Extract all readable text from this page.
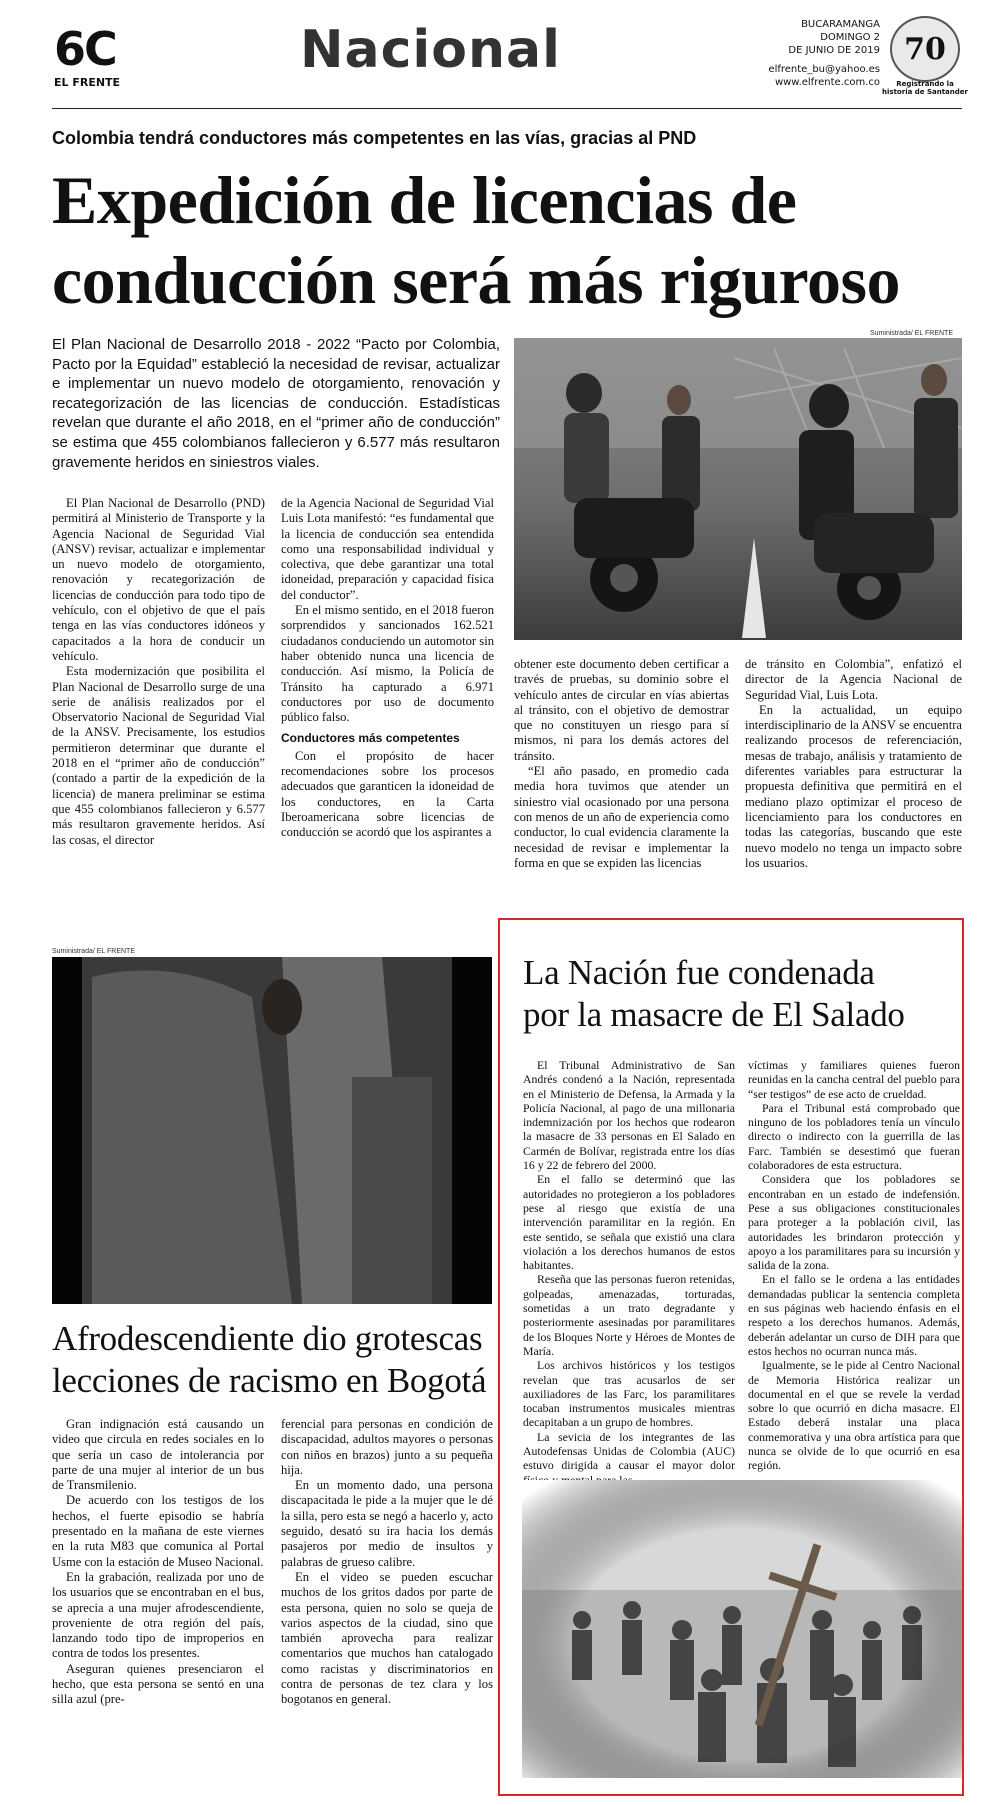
6C
EL FRENTE
Nacional	BUCARAMANGA
DOMINGO 2
DE JUNIO DE 2019
elfrente_bu@yahoo.es
www.elfrente.com.co
70
Registrando la historia de Santander
Colombia tendrá conductores más competentes en las vías, gracias al PND
Expedición de licencias de
conducción será más riguroso
El Plan Nacional de Desarrollo 2018 - 2022 “Pacto por Colombia, Pacto por la Equidad” estableció la necesidad de revisar, actualizar e implementar un nuevo modelo de otorgamiento, renovación y recategorización de las licencias de conducción. Estadísticas revelan que durante el año 2018, en el “primer año de conducción” se estima que 455 colombianos fallecieron y 6.577 más resultaron gravemente heridos en siniestros viales.
Suministrada/ EL FRENTE

El Plan Nacional de Desarrollo (PND) permitirá al Ministerio de Transporte y la Agencia Nacional de Seguridad Vial (ANSV) revisar, actualizar e implementar un nuevo modelo de otorgamiento, renovación y recategorización de licencias de conducción para todo tipo de vehículo, con el objetivo de que el país tenga en las vías conductores idóneos y capacitados a la hora de conducir un vehículo.

Esta modernización que posibilita el Plan Nacional de Desarrollo surge de una serie de análisis realizados por el Observatorio Nacional de Seguridad Vial de la ANSV. Precisamente, los estudios permitieron determinar que durante el 2018 en el “primer año de conducción” (contado a partir de la expedición de la licencia) de manera preliminar se estima que 455 colombianos fallecieron y 6.577 más resultaron gravemente heridos. Así las cosas, el director

de la Agencia Nacional de Seguridad Vial Luis Lota manifestó: “es fundamental que la licencia de conducción sea entendida como una responsabilidad individual y colectiva, que debe garantizar una total idoneidad, preparación y capacidad física del conductor”.

En el mismo sentido, en el 2018 fueron sorprendidos y sancionados 162.521 ciudadanos conduciendo un automotor sin haber obtenido nunca una licencia de conducción. Así mismo, la Policía de Tránsito ha capturado a 6.971 conductores por uso de documento público falso.

Conductores más competentes

Con el propósito de hacer recomendaciones sobre los procesos adecuados que garanticen la idoneidad de los conductores, en la Carta Iberoamericana sobre licencias de conducción se acordó que los aspirantes a

obtener este documento deben certificar a través de pruebas, su dominio sobre el vehículo antes de circular en vías abiertas al tránsito, con el objetivo de demostrar que no constituyen un riesgo para sí mismos, ni para los demás actores del tránsito.

“El año pasado, en promedio cada media hora tuvimos que atender un siniestro vial ocasionado por una persona con menos de un año de experiencia como conductor, lo cual evidencia claramente la necesidad de revisar e implementar la forma en que se expiden las licencias

de tránsito en Colombia”, enfatizó el director de la Agencia Nacional de Seguridad Vial, Luis Lota.

En la actualidad, un equipo interdisciplinario de la ANSV se encuentra realizando procesos de referenciación, mesas de trabajo, análisis y tratamiento de diferentes variables para estructurar la propuesta definitiva que permitirá en el mediano plazo optimizar el proceso de licenciamiento para los conductores en todas las categorías, buscando que este nuevo modelo no tenga un impacto sobre los usuarios.

Suministrada/ EL FRENTE
Afrodescendiente dio grotescas
lecciones de racismo en Bogotá

Gran indignación está causando un video que circula en redes sociales en lo que sería un caso de intolerancia por parte de una mujer al interior de un bus de Transmilenio.

De acuerdo con los testigos de los hechos, el fuerte episodio se habría presentado en la mañana de este viernes en la ruta M83 que comunica al Portal Usme con la estación de Museo Nacional.

En la grabación, realizada por uno de los usuarios que se encontraban en el bus, se aprecia a una mujer afrodescendiente, proveniente de otra región del país, lanzando todo tipo de improperios en contra de todos los presentes.

Aseguran quienes presenciaron el hecho, que esta persona se sentó en una silla azul (pre-

ferencial para personas en condición de discapacidad, adultos mayores o personas con niños en brazos) junto a su pequeña hija.

En un momento dado, una persona discapacitada le pide a la mujer que le dé la silla, pero esta se negó a hacerlo y, acto seguido, desató su ira hacia los demás pasajeros por medio de insultos y palabras de grueso calibre.

En el video se pueden escuchar muchos de los gritos dados por parte de esta persona, quien no solo se queja de varios aspectos de la ciudad, sino que también aprovecha para realizar comentarios que muchos han catalogado como racistas y discriminatorios en contra de personas de tez clara y los bogotanos en general.

La Nación fue condenada
por la masacre de El Salado

El Tribunal Administrativo de San Andrés condenó a la Nación, representada en el Ministerio de Defensa, la Armada y la Policía Nacional, al pago de una millonaria indemnización por los hechos que rodearon la masacre de 33 personas en El Salado en Carmén de Bolívar, registrada entre los días 16 y 22 de febrero del 2000.

En el fallo se determinó que las autoridades no protegieron a los pobladores pese al riesgo que existía de una intervención paramilitar en la región. En este sentido, se señala que existió una clara violación a los derechos humanos de estos habitantes.

Reseña que las personas fueron retenidas, golpeadas, amenazadas, torturadas, sometidas a un trato degradante y posteriormente asesinadas por paramilitares de los Bloques Norte y Héroes de Montes de María.

Los archivos históricos y los testigos revelan que tras acusarlos de ser auxiliadores de las Farc, los paramilitares tocaban instrumentos musicales mientras decapitaban a un grupo de hombres.

La sevicia de los integrantes de las Autodefensas Unidas de Colombia (AUC) estuvo dirigida a causar el mayor dolor

víctimas y familiares quienes fueron reunidas en la cancha central del pueblo para “ser testigos” de ese acto de crueldad.

Para el Tribunal está comprobado que ninguno de los pobladores tenía un vínculo directo o indirecto con la guerrilla de las Farc. También se desestimó que fueran colaboradores de esta estructura.

Considera que los pobladores se encontraban en un estado de indefensión. Pese a sus obligaciones constitucionales para proteger a la población civil, las autoridades les brindaron protección y apoyo a los paramilitares para su incursión y salida de la zona.

En el fallo se le ordena a las entidades demandadas publicar la sentencia completa en sus páginas web haciendo énfasis en el respeto a los derechos humanos. Además, deberán adelantar un curso de DIH para que estos hechos no ocurran nunca más.

Igualmente, se le pide al Centro Nacional de Memoria Histórica realizar un documental en el que se revele la verdad sobre lo que ocurrió en dicha masacre. El Estado deberá instalar una placa conmemorativa y una obra artística para que nunca se olvide de lo que ocurrió en esa región.
